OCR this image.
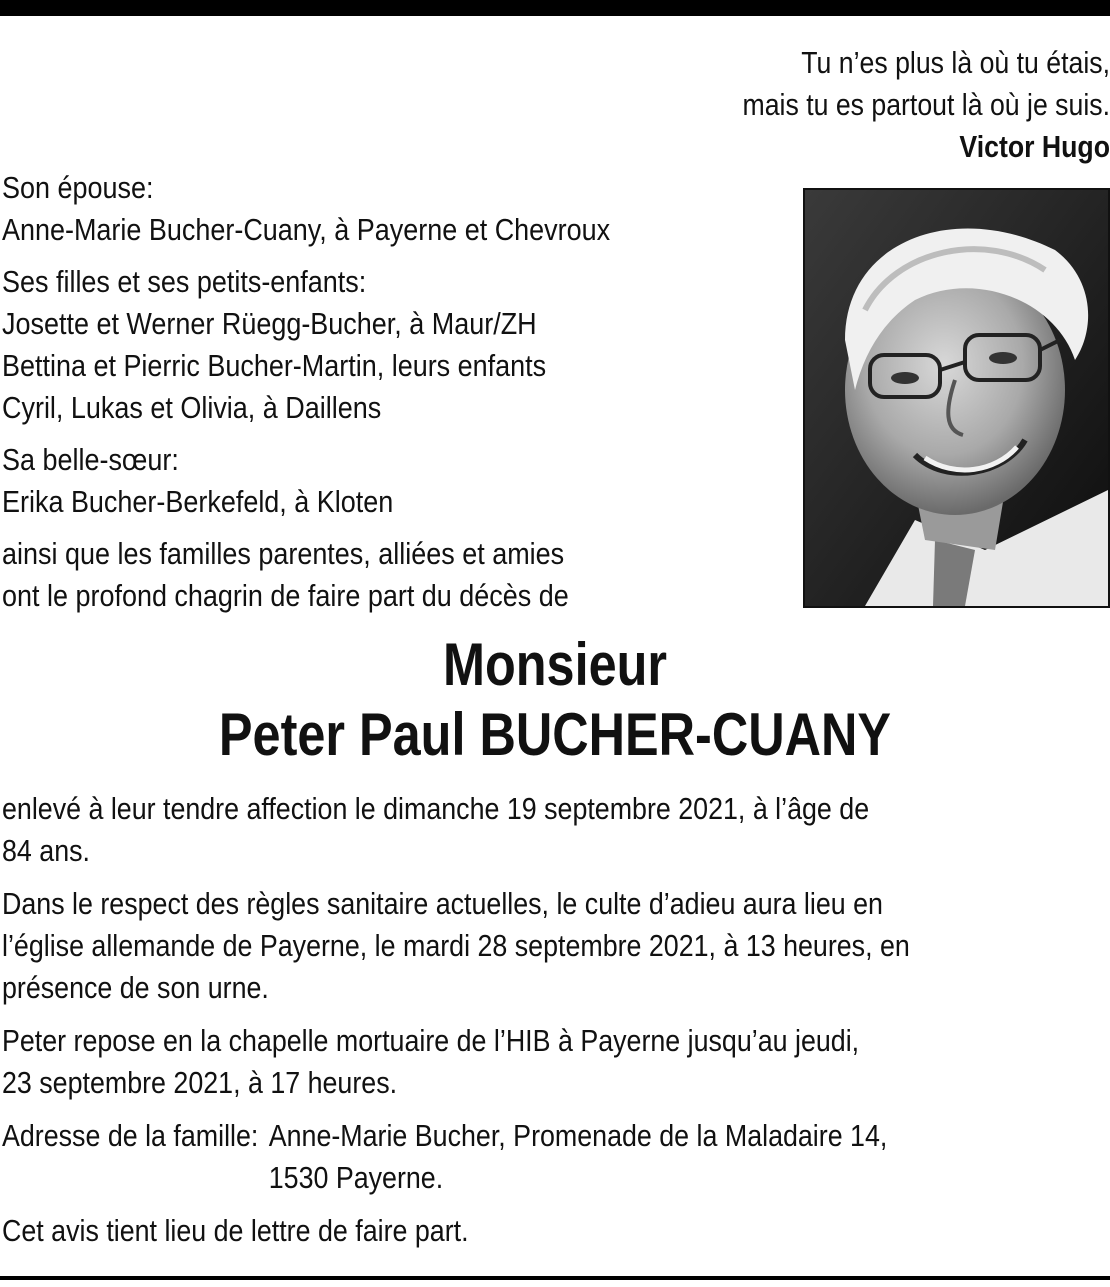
Tu n’es plus là où tu étais,
mais tu es partout là où je suis.
Victor Hugo

Son épouse:
Anne-Marie Bucher-Cuany, à Payerne et Chevroux

Ses filles et ses petits-enfants:
Josette et Werner Rüegg-Bucher, à Maur/ZH
Bettina et Pierric Bucher-Martin, leurs enfants
Cyril, Lukas et Olivia, à Daillens

Sa belle-sœur:
Erika Bucher-Berkefeld, à Kloten

ainsi que les familles parentes, alliées et amies
ont le profond chagrin de faire part du décès de

Monsieur
Peter Paul BUCHER-CUANY

enlevé à leur tendre affection le dimanche 19 septembre 2021, à l’âge de
84 ans.

Dans le respect des règles sanitaire actuelles, le culte d’adieu aura lieu en
l’église allemande de Payerne, le mardi 28 septembre 2021, à 13 heures, en
présence de son urne.

Peter repose en la chapelle mortuaire de l’HIB à Payerne jusqu’au jeudi,
23 septembre 2021, à 17 heures.

Adresse de la famille: Anne-Marie Bucher, Promenade de la Maladaire 14,
1530 Payerne.

Cet avis tient lieu de lettre de faire part.
